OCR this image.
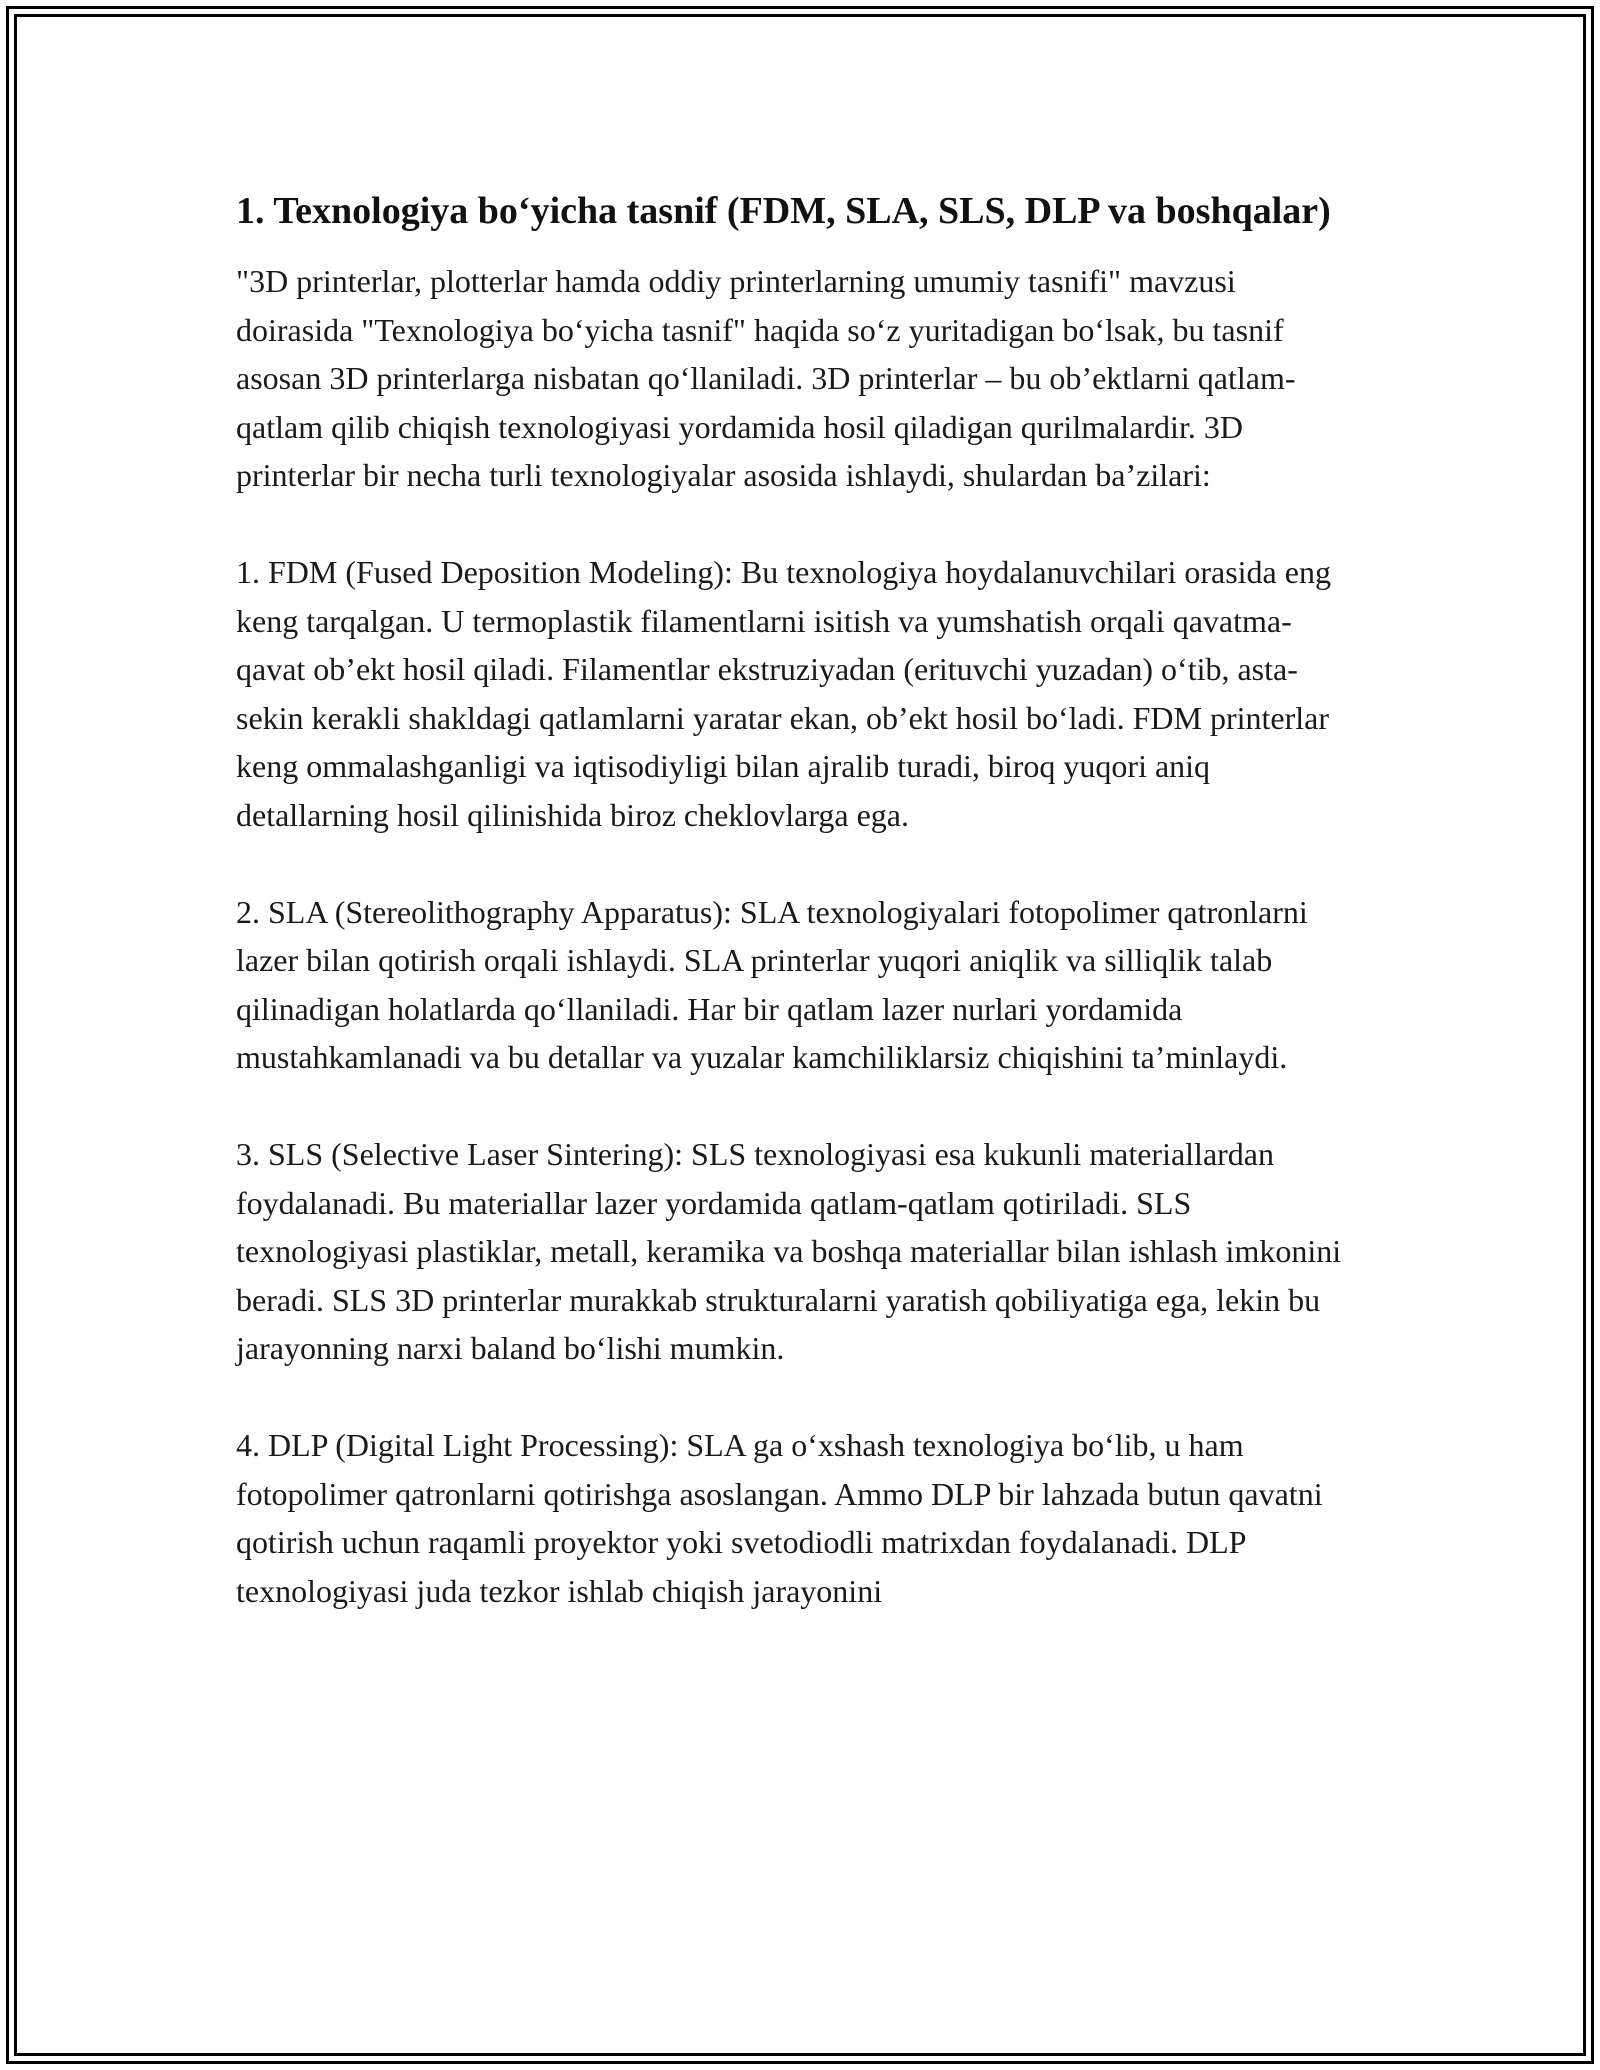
1. Texnologiya bo‘yicha tasnif (FDM, SLA, SLS, DLP va boshqalar)

"3D printerlar, plotterlar hamda oddiy printerlarning umumiy tasnifi" mavzusi doirasida "Texnologiya bo‘yicha tasnif" haqida so‘z yuritadigan bo‘lsak, bu tasnif asosan 3D printerlarga nisbatan qo‘llaniladi. 3D printerlar – bu ob’ektlarni qatlam-qatlam qilib chiqish texnologiyasi yordamida hosil qiladigan qurilmalardir. 3D printerlar bir necha turli texnologiyalar asosida ishlaydi, shulardan ba’zilari:

1. FDM (Fused Deposition Modeling): Bu texnologiya hoydalanuvchilari orasida eng keng tarqalgan. U termoplastik filamentlarni isitish va yumshatish orqali qavatma-qavat ob’ekt hosil qiladi. Filamentlar ekstruziyadan (erituvchi yuzadan) o‘tib, asta-sekin kerakli shakldagi qatlamlarni yaratar ekan, ob’ekt hosil bo‘ladi. FDM printerlar keng ommalashganligi va iqtisodiyligi bilan ajralib turadi, biroq yuqori aniq detallarning hosil qilinishida biroz cheklovlarga ega.

2. SLA (Stereolithography Apparatus): SLA texnologiyalari fotopolimer qatronlarni lazer bilan qotirish orqali ishlaydi. SLA printerlar yuqori aniqlik va silliqlik talab qilinadigan holatlarda qo‘llaniladi. Har bir qatlam lazer nurlari yordamida mustahkamlanadi va bu detallar va yuzalar kamchiliklarsiz chiqishini ta’minlaydi.

3. SLS (Selective Laser Sintering): SLS texnologiyasi esa kukunli materiallardan foydalanadi. Bu materiallar lazer yordamida qatlam-qatlam qotiriladi. SLS texnologiyasi plastiklar, metall, keramika va boshqa materiallar bilan ishlash imkonini beradi. SLS 3D printerlar murakkab strukturalarni yaratish qobiliyatiga ega, lekin bu jarayonning narxi baland bo‘lishi mumkin.

4. DLP (Digital Light Processing): SLA ga o‘xshash texnologiya bo‘lib, u ham fotopolimer qatronlarni qotirishga asoslangan. Ammo DLP bir lahzada butun qavatni qotirish uchun raqamli proyektor yoki svetodiodli matrixdan foydalanadi. DLP texnologiyasi juda tezkor ishlab chiqish jarayonini
